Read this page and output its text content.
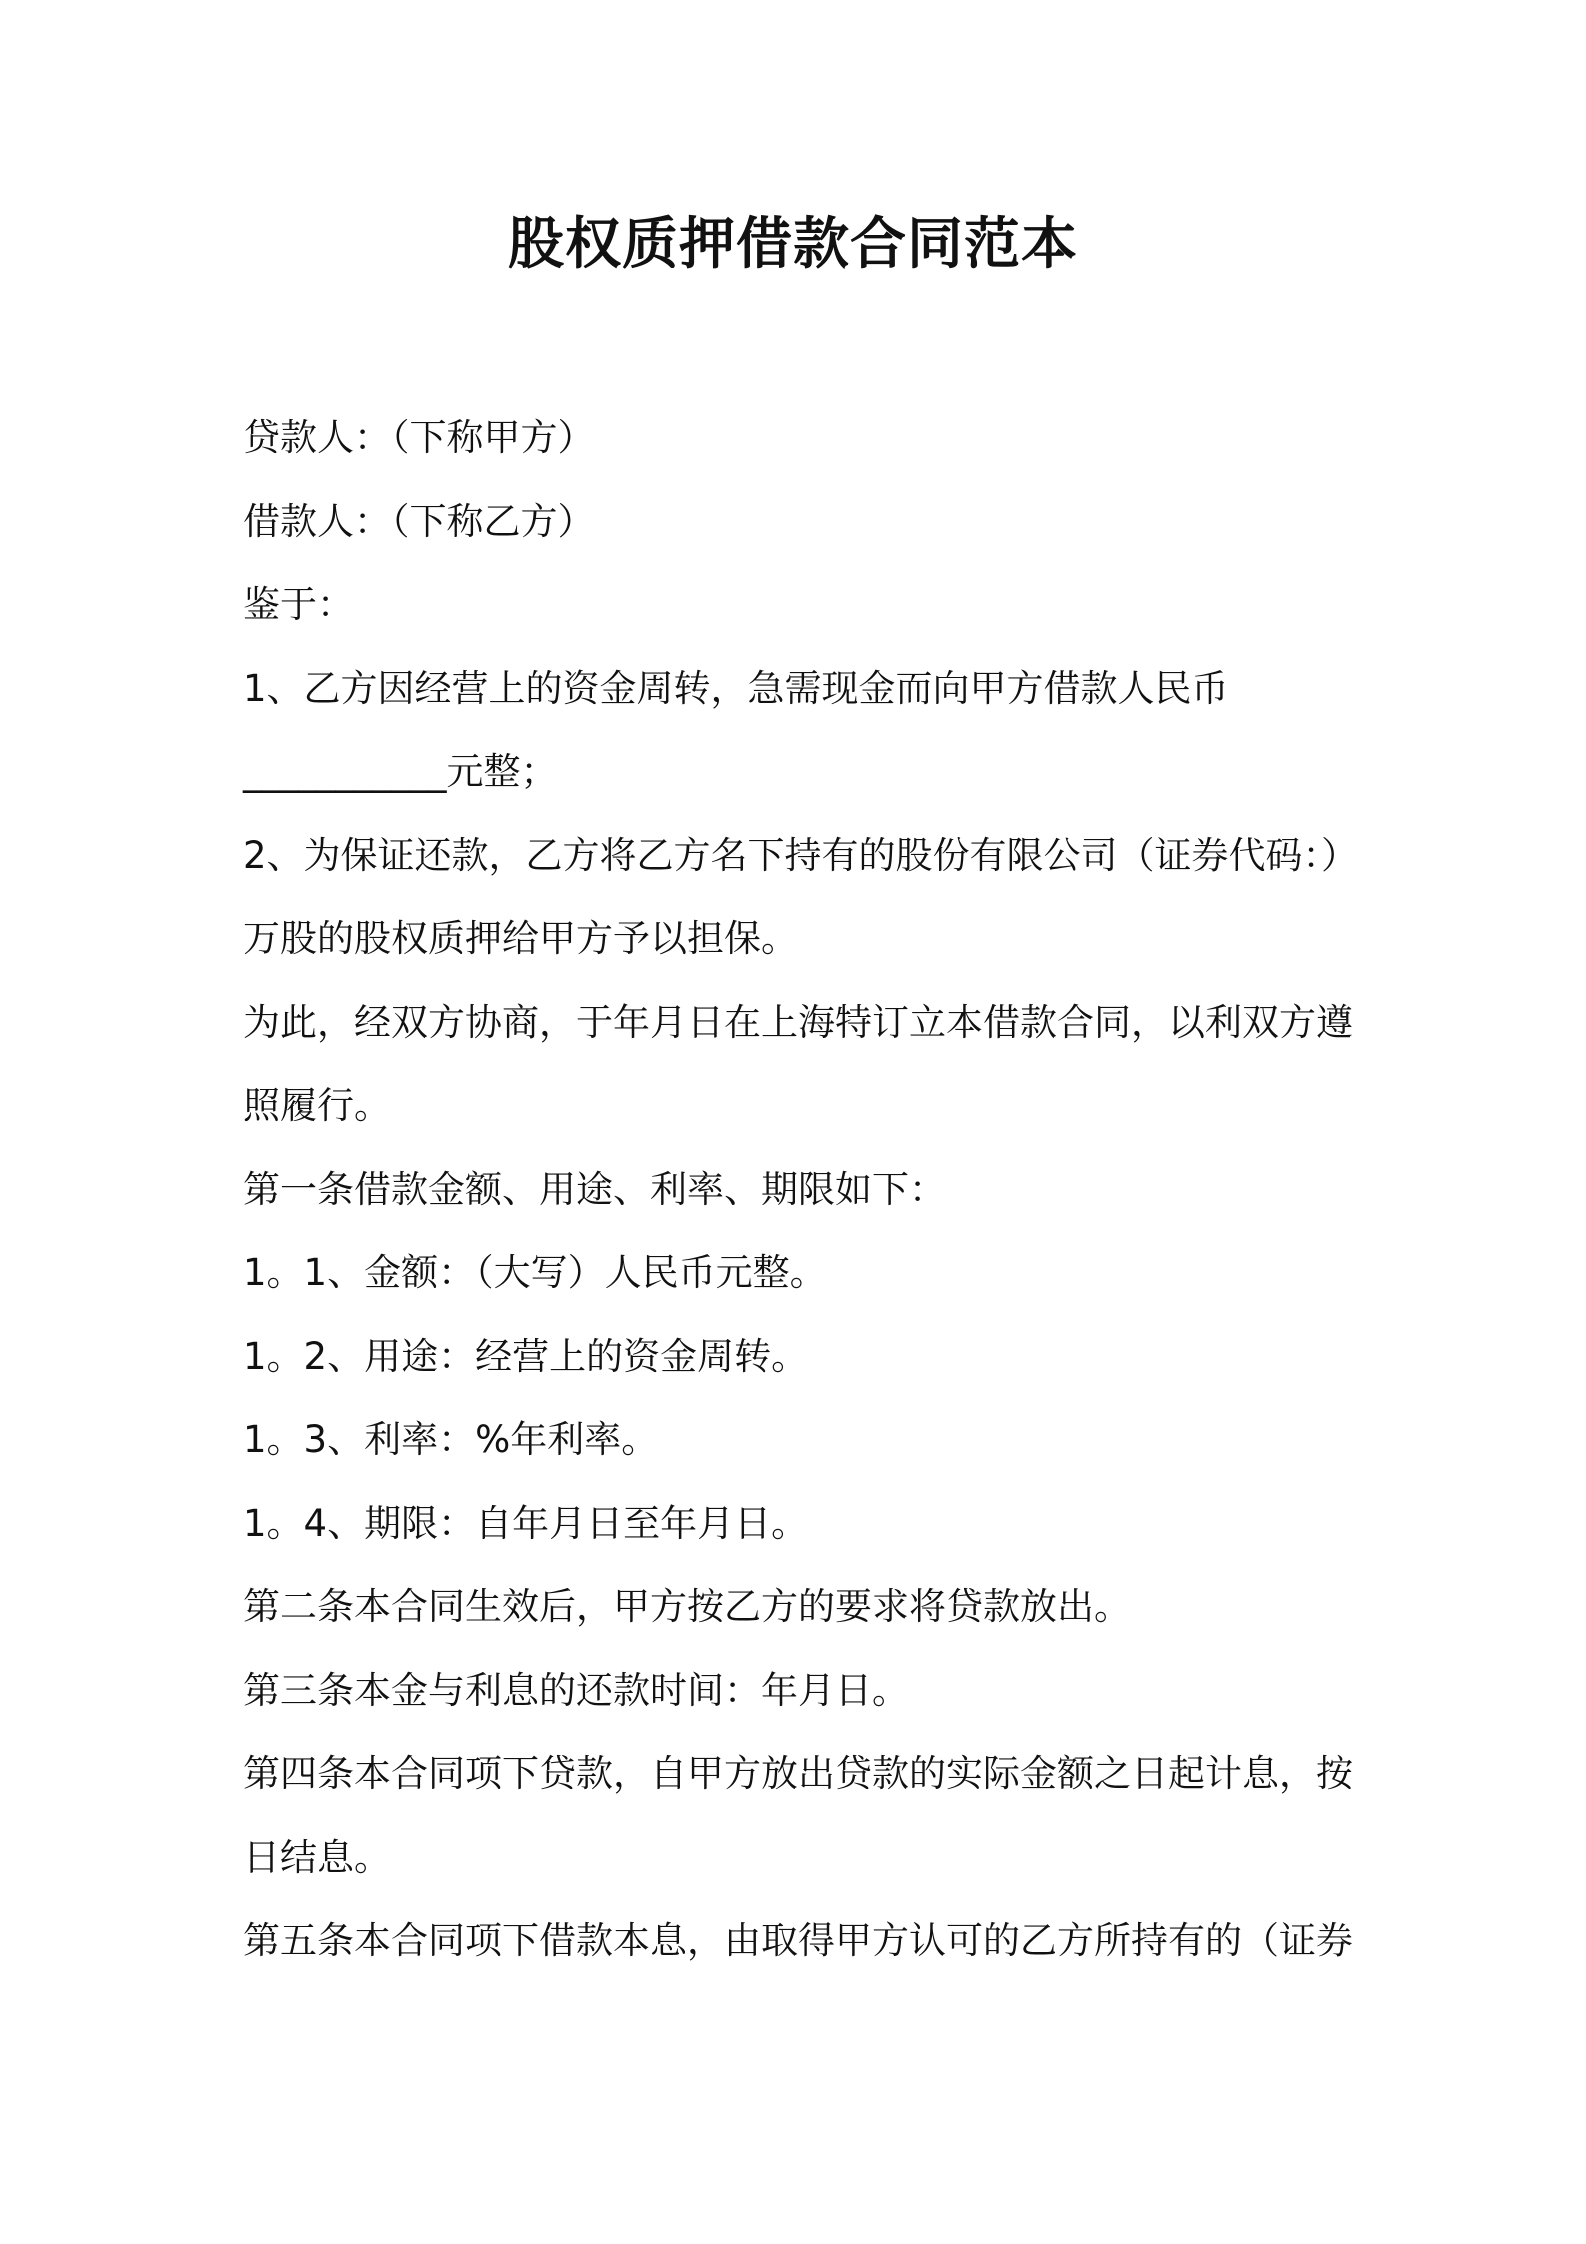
股权质押借款合同范本

贷款人：（下称甲方）

借款人：（下称乙方）

鉴于：

1、乙方因经营上的资金周转，急需现金而向甲方借款人民币

___________元整；

2、为保证还款，乙方将乙方名下持有的股份有限公司（证券代码：）

万股的股权质押给甲方予以担保。

为此，经双方协商，于年月日在上海特订立本借款合同，以利双方遵

照履行。

第一条借款金额、用途、利率、期限如下：

1。1、金额：（大写）人民币元整。

1。2、用途：经营上的资金周转。

1。3、利率：%年利率。

1。4、期限：自年月日至年月日。

第二条本合同生效后，甲方按乙方的要求将贷款放出。

第三条本金与利息的还款时间：年月日。

第四条本合同项下贷款，自甲方放出贷款的实际金额之日起计息，按

日结息。

第五条本合同项下借款本息，由取得甲方认可的乙方所持有的（证券
